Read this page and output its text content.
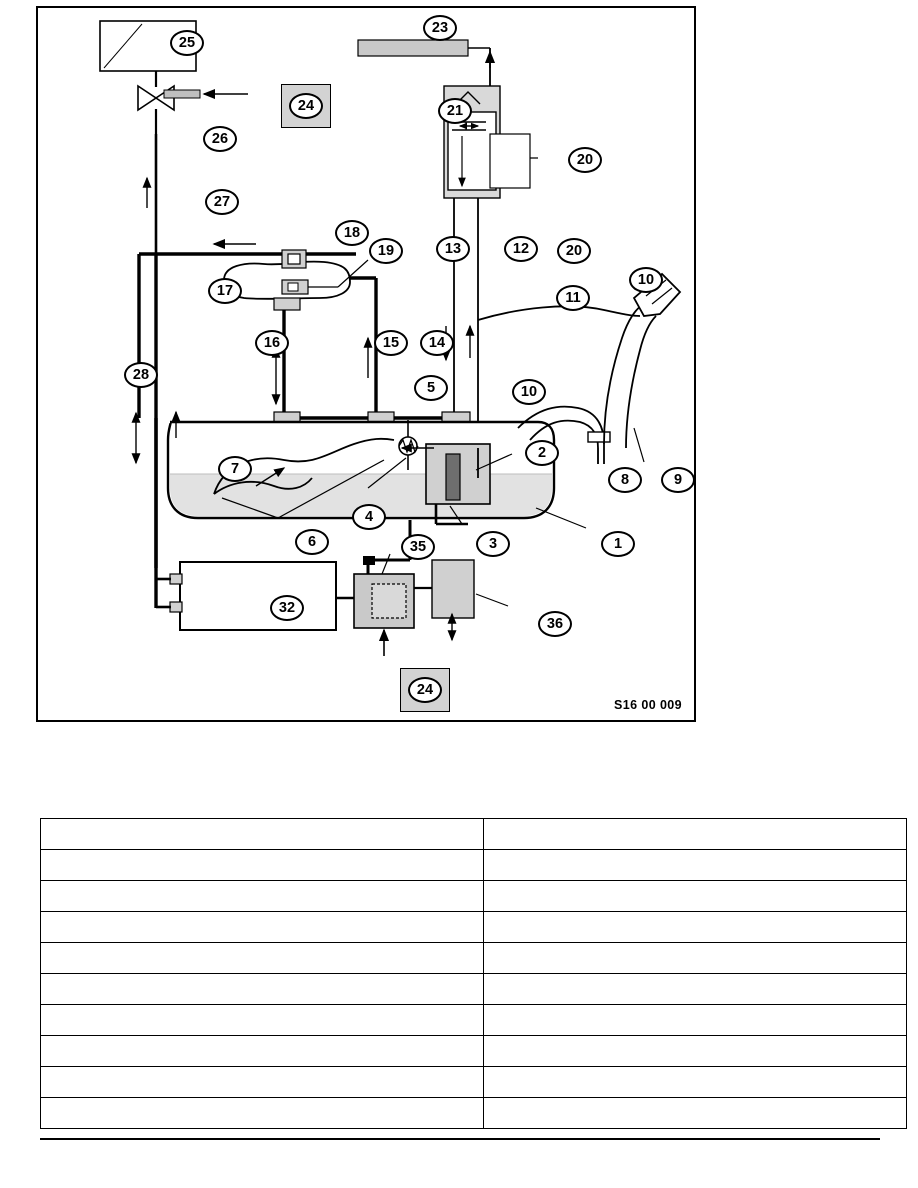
25
24
26
27
23
21
20
18
19	13	12	20
17	11
10
16	15	14
28
5	10
2
7
4
8	9
6	35	3	1
32
36
24
S16 00 009
